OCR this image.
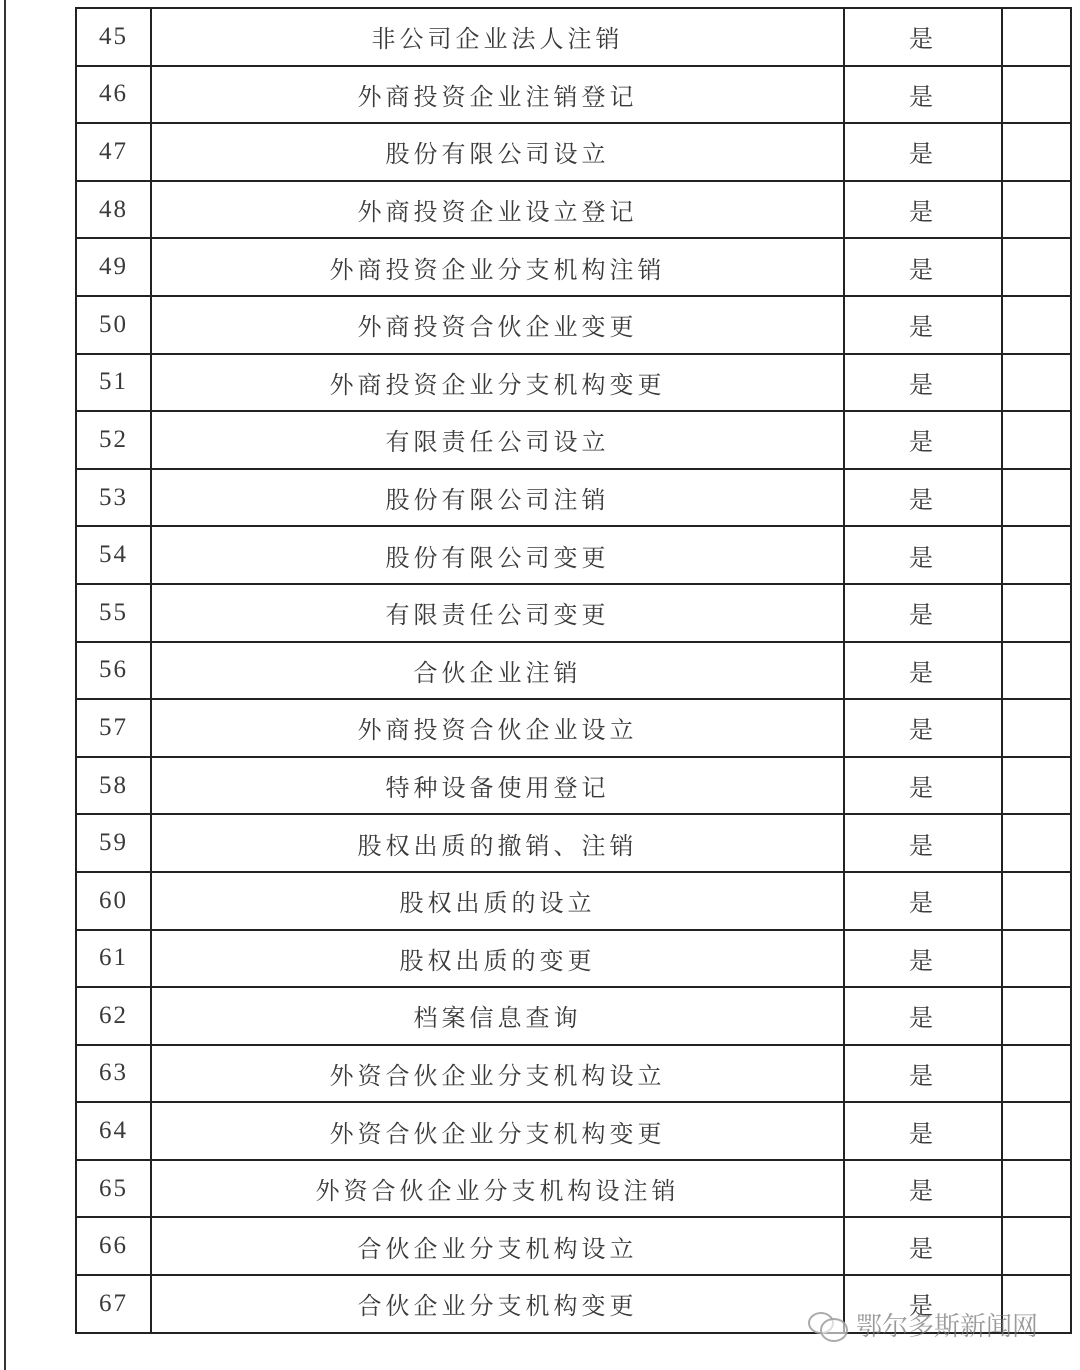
45	非公司企业法人注销	是	
46	外商投资企业注销登记	是	
47	股份有限公司设立	是	
48	外商投资企业设立登记	是	
49	外商投资企业分支机构注销	是	
50	外商投资合伙企业变更	是	
51	外商投资企业分支机构变更	是	
52	有限责任公司设立	是	
53	股份有限公司注销	是	
54	股份有限公司变更	是	
55	有限责任公司变更	是	
56	合伙企业注销	是	
57	外商投资合伙企业设立	是	
58	特种设备使用登记	是	
59	股权出质的撤销、注销	是	
60	股权出质的设立	是	
61	股权出质的变更	是	
62	档案信息查询	是	
63	外资合伙企业分支机构设立	是	
64	外资合伙企业分支机构变更	是	
65	外资合伙企业分支机构设注销	是	
66	合伙企业分支机构设立	是	
67	合伙企业分支机构变更	是	
鄂尔多斯新闻网
